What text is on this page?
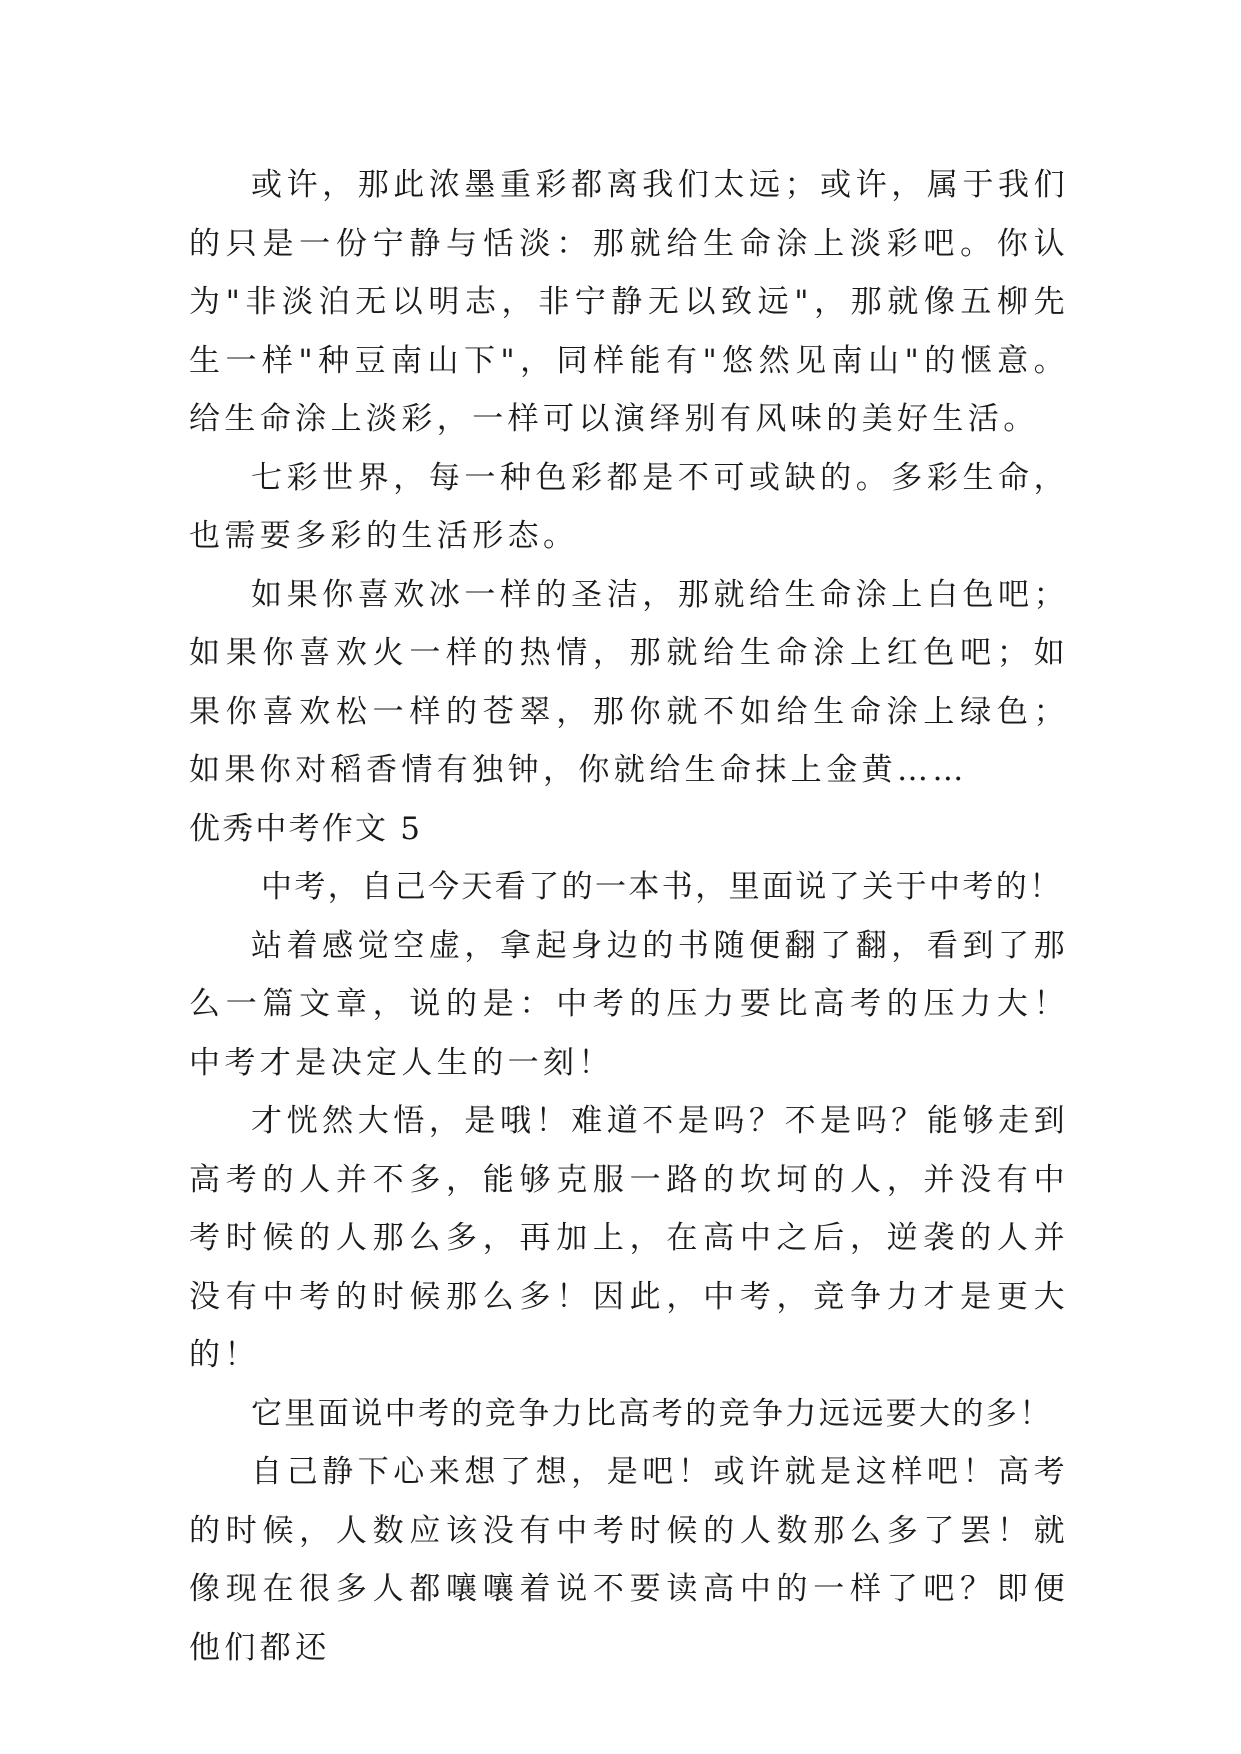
或许，那此浓墨重彩都离我们太远；或许，属于我们的只是一份宁静与恬淡：那就给生命涂上淡彩吧。你认为"非淡泊无以明志，非宁静无以致远"，那就像五柳先生一样"种豆南山下"，同样能有"悠然见南山"的惬意。给生命涂上淡彩，一样可以演绎别有风味的美好生活。

七彩世界，每一种色彩都是不可或缺的。多彩生命，也需要多彩的生活形态。

如果你喜欢冰一样的圣洁，那就给生命涂上白色吧；如果你喜欢火一样的热情，那就给生命涂上红色吧；如果你喜欢松一样的苍翠，那你就不如给生命涂上绿色；如果你对稻香情有独钟，你就给生命抹上金黄……

优秀中考作文 5

中考，自己今天看了的一本书，里面说了关于中考的！

站着感觉空虚，拿起身边的书随便翻了翻，看到了那么一篇文章，说的是：中考的压力要比高考的压力大！中考才是决定人生的一刻！

才恍然大悟，是哦！难道不是吗？不是吗？能够走到高考的人并不多，能够克服一路的坎坷的人，并没有中考时候的人那么多，再加上，在高中之后，逆袭的人并没有中考的时候那么多！因此，中考，竞争力才是更大的！

它里面说中考的竞争力比高考的竞争力远远要大的多！

自己静下心来想了想，是吧！或许就是这样吧！高考的时候，人数应该没有中考时候的人数那么多了罢！就像现在很多人都嚷嚷着说不要读高中的一样了吧？即便他们都还
